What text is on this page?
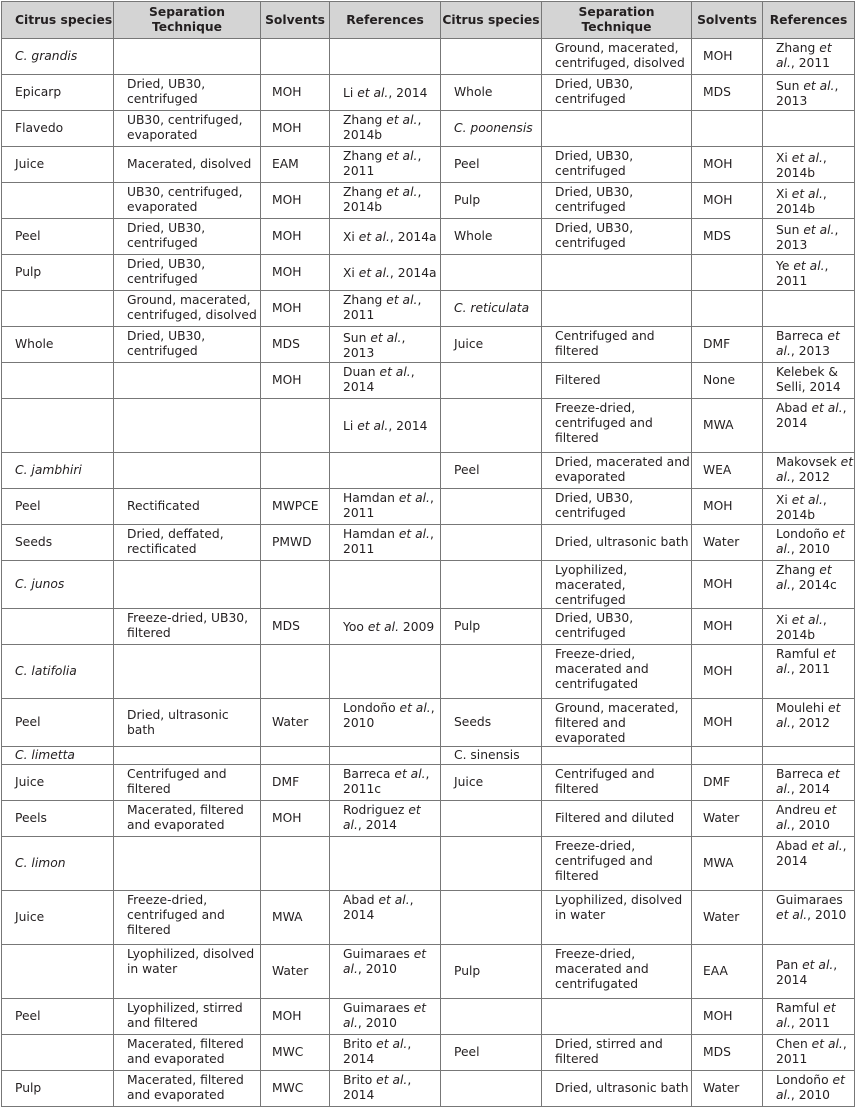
Citrus species	Separation Technique	Solvents	References	Citrus species	Separation Technique	Solvents	References
C. grandis					Ground, macerated, centrifuged, disolved	MOH	Zhang et al., 2011
Epicarp	Dried, UB30, centrifuged	MOH	Li et al., 2014	Whole	Dried, UB30, centrifuged	MDS	Sun et al., 2013
Flavedo	UB30, centrifuged, evaporated	MOH	Zhang et al., 2014b	C. poonensis			
Juice	Macerated, disolved	EAM	Zhang et al., 2011	Peel	Dried, UB30, centrifuged	MOH	Xi et al., 2014b
	UB30, centrifuged, evaporated	MOH	Zhang et al., 2014b	Pulp	Dried, UB30, centrifuged	MOH	Xi et al., 2014b
Peel	Dried, UB30, centrifuged	MOH	Xi et al., 2014a	Whole	Dried, UB30, centrifuged	MDS	Sun et al., 2013
Pulp	Dried, UB30, centrifuged	MOH	Xi et al., 2014a				Ye et al., 2011
	Ground, macerated, centrifuged, disolved	MOH	Zhang et al., 2011	C. reticulata			
Whole	Dried, UB30, centrifuged	MDS	Sun et al., 2013	Juice	Centrifuged and filtered	DMF	Barreca et al., 2013
		MOH	Duan et al., 2014		Filtered	None	Kelebek & Selli, 2014
			Li et al., 2014		Freeze-dried, centrifuged and filtered	MWA	Abad et al., 2014
C. jambhiri				Peel	Dried, macerated and evaporated	WEA	Makovsek et al., 2012
Peel	Rectificated	MWPCE	Hamdan et al., 2011		Dried, UB30, centrifuged	MOH	Xi et al., 2014b
Seeds	Dried, deffated, rectificated	PMWD	Hamdan et al., 2011		Dried, ultrasonic bath	Water	Londoño et al., 2010
C. junos					Lyophilized, macerated, centrifuged	MOH	Zhang et al., 2014c
	Freeze-dried, UB30, filtered	MDS	Yoo et al. 2009	Pulp	Dried, UB30, centrifuged	MOH	Xi et al., 2014b
C. latifolia					Freeze-dried, macerated and centrifugated	MOH	Ramful et al., 2011
Peel	Dried, ultrasonic bath	Water	Londoño et al., 2010	Seeds	Ground, macerated, filtered and evaporated	MOH	Moulehi et al., 2012
C. limetta				C. sinensis			
Juice	Centrifuged and filtered	DMF	Barreca et al., 2011c	Juice	Centrifuged and filtered	DMF	Barreca et al., 2014
Peels	Macerated, filtered and evaporated	MOH	Rodriguez et al., 2014		Filtered and diluted	Water	Andreu et al., 2010
C. limon					Freeze-dried, centrifuged and filtered	MWA	Abad et al., 2014
Juice	Freeze-dried, centrifuged and filtered	MWA	Abad et al., 2014		Lyophilized, disolved in water	Water	Guimaraes et al., 2010
	Lyophilized, disolved in water	Water	Guimaraes et al., 2010	Pulp	Freeze-dried, macerated and centrifugated	EAA	Pan et al., 2014
Peel	Lyophilized, stirred and filtered	MOH	Guimaraes et al., 2010			MOH	Ramful et al., 2011
	Macerated, filtered and evaporated	MWC	Brito et al., 2014	Peel	Dried, stirred and filtered	MDS	Chen et al., 2011
Pulp	Macerated, filtered and evaporated	MWC	Brito et al., 2014		Dried, ultrasonic bath	Water	Londoño et al., 2010
